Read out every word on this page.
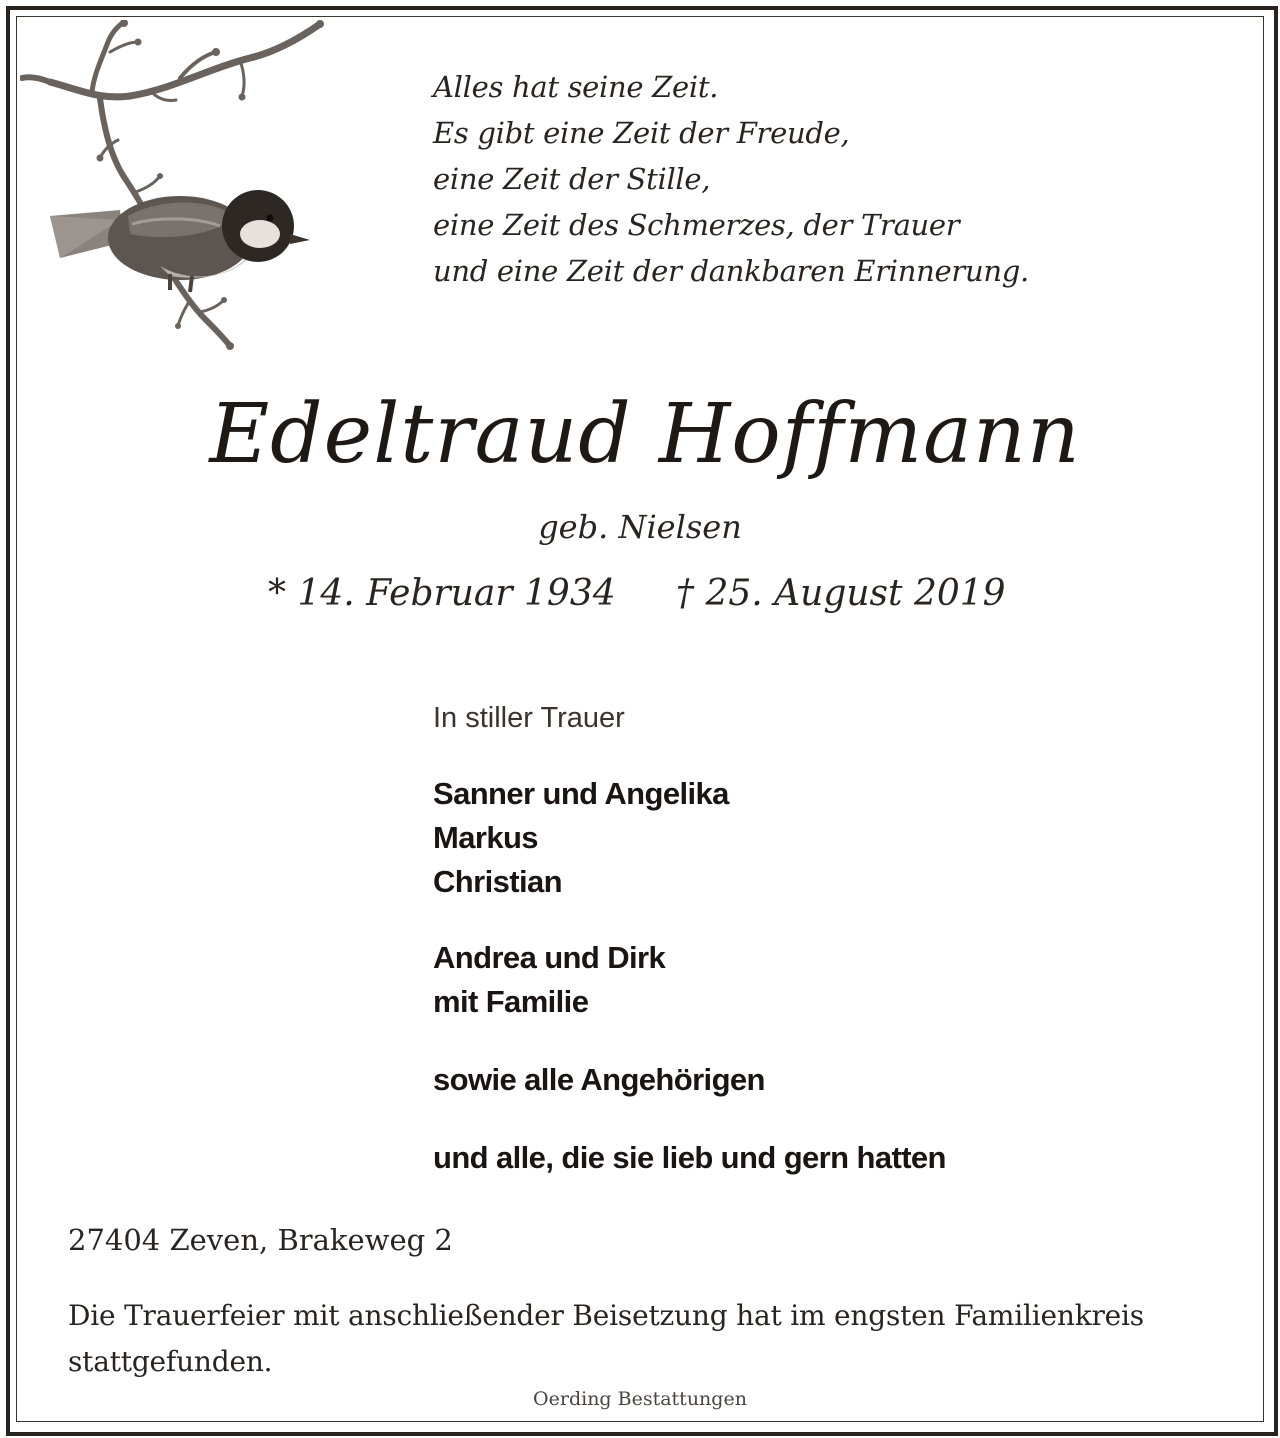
Alles hat seine Zeit.
Es gibt eine Zeit der Freude,
eine Zeit der Stille,
eine Zeit des Schmerzes, der Trauer
und eine Zeit der dankbaren Erinnerung.
Edeltraud Hoffmann
geb. Nielsen
* 14. Februar 1934 † 25. August 2019
In stiller Trauer
Sanner und Angelika
Markus
Christian
Andrea und Dirk
mit Familie
sowie alle Angehörigen
und alle, die sie lieb und gern hatten
27404 Zeven, Brakeweg 2
Die Trauerfeier mit anschließender Beisetzung hat im engsten Familienkreis stattgefunden.
Oerding Bestattungen
